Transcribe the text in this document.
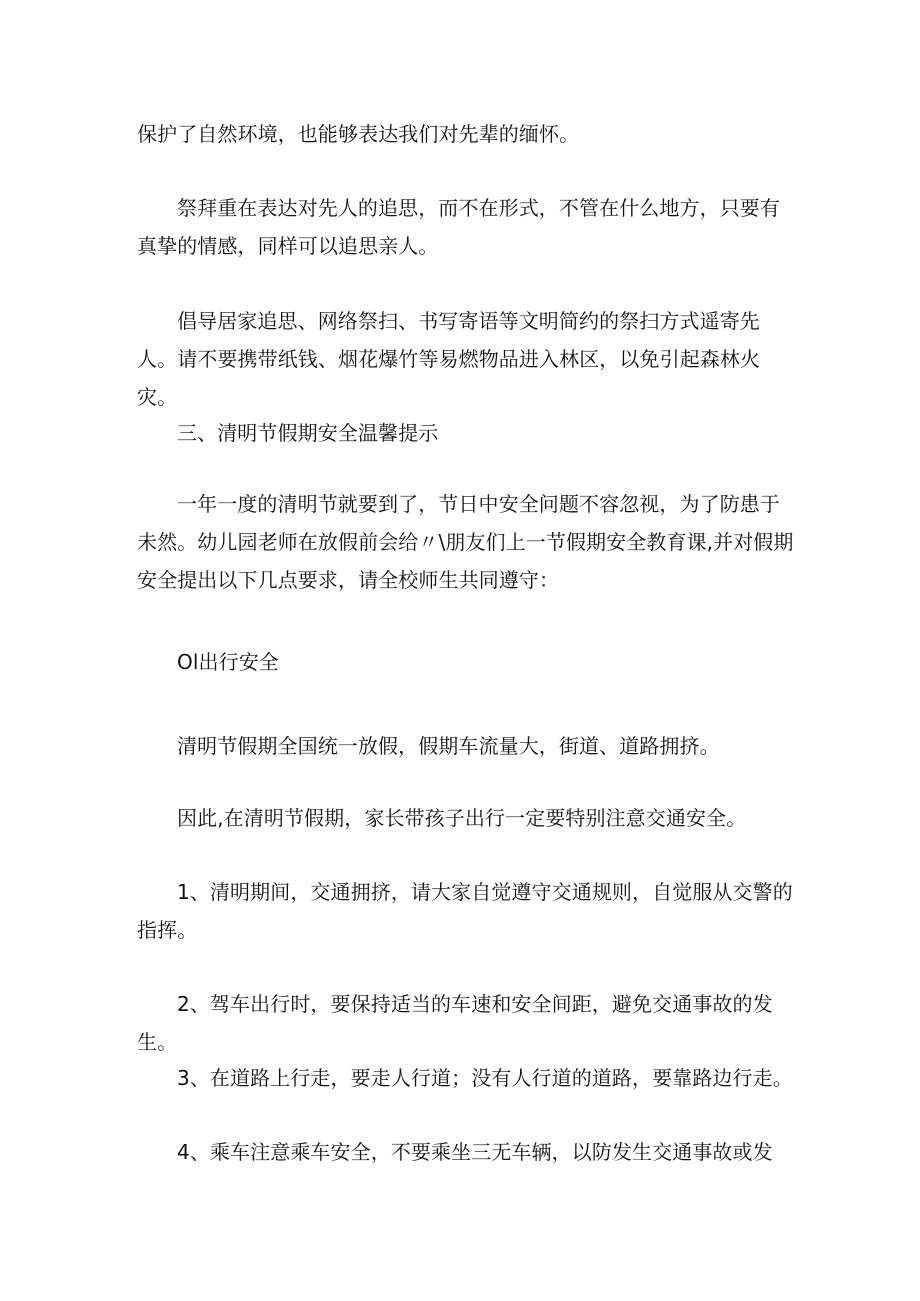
保护了自然环境，也能够表达我们对先辈的缅怀。

祭拜重在表达对先人的追思，而不在形式，不管在什么地方，只要有真挚的情感，同样可以追思亲人。

倡导居家追思、网络祭扫、书写寄语等文明简约的祭扫方式遥寄先人。请不要携带纸钱、烟花爆竹等易燃物品进入林区，以免引起森林火灾。

三、清明节假期安全温馨提示

一年一度的清明节就要到了，节日中安全问题不容忽视，为了防患于未然。幼儿园老师在放假前会给〃\朋友们上一节假期安全教育课,并对假期安全提出以下几点要求，请全校师生共同遵守：

Ol出行安全

清明节假期全国统一放假，假期车流量大，街道、道路拥挤。

因此,在清明节假期，家长带孩子出行一定要特别注意交通安全。

1、清明期间，交通拥挤，请大家自觉遵守交通规则，自觉服从交警的指挥。

2、驾车出行时，要保持适当的车速和安全间距，避免交通事故的发生。

3、在道路上行走，要走人行道；没有人行道的道路，要靠路边行走。

4、乘车注意乘车安全，不要乘坐三无车辆，以防发生交通事故或发
